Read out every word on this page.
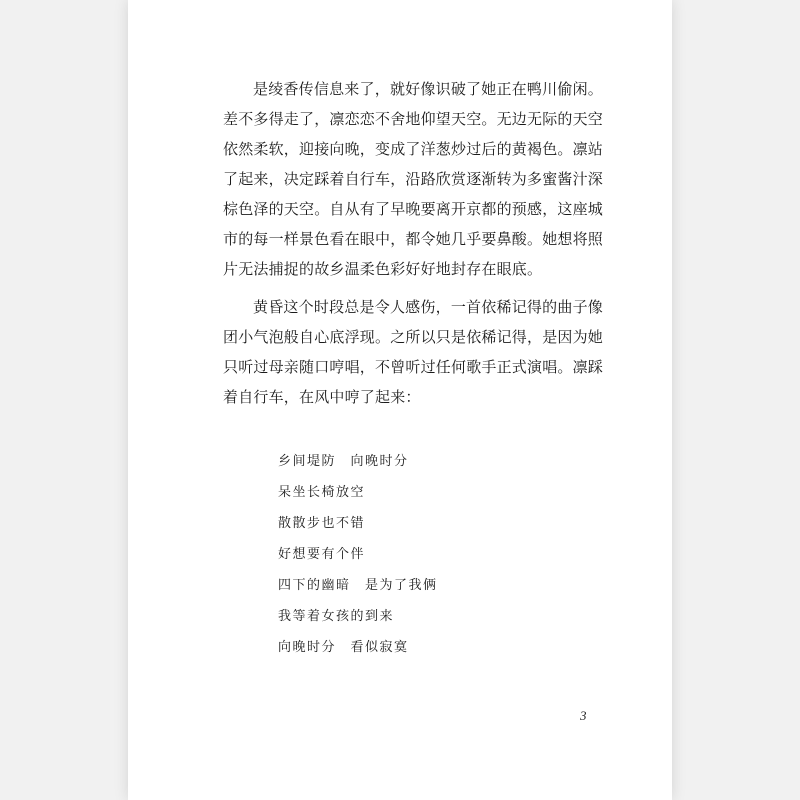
是绫香传信息来了，就好像识破了她正在鸭川偷闲。差不多得走了，凛恋恋不舍地仰望天空。无边无际的天空依然柔软，迎接向晚，变成了洋葱炒过后的黄褐色。凛站了起来，决定踩着自行车，沿路欣赏逐渐转为多蜜酱汁深棕色泽的天空。自从有了早晚要离开京都的预感，这座城市的每一样景色看在眼中，都令她几乎要鼻酸。她想将照片无法捕捉的故乡温柔色彩好好地封存在眼底。

黄昏这个时段总是令人感伤，一首依稀记得的曲子像团小气泡般自心底浮现。之所以只是依稀记得，是因为她只听过母亲随口哼唱，不曾听过任何歌手正式演唱。凛踩着自行车，在风中哼了起来：

乡间堤防　向晚时分
呆坐长椅放空
散散步也不错
好想要有个伴
四下的幽暗　是为了我俩
我等着女孩的到来
向晚时分　看似寂寞
3
